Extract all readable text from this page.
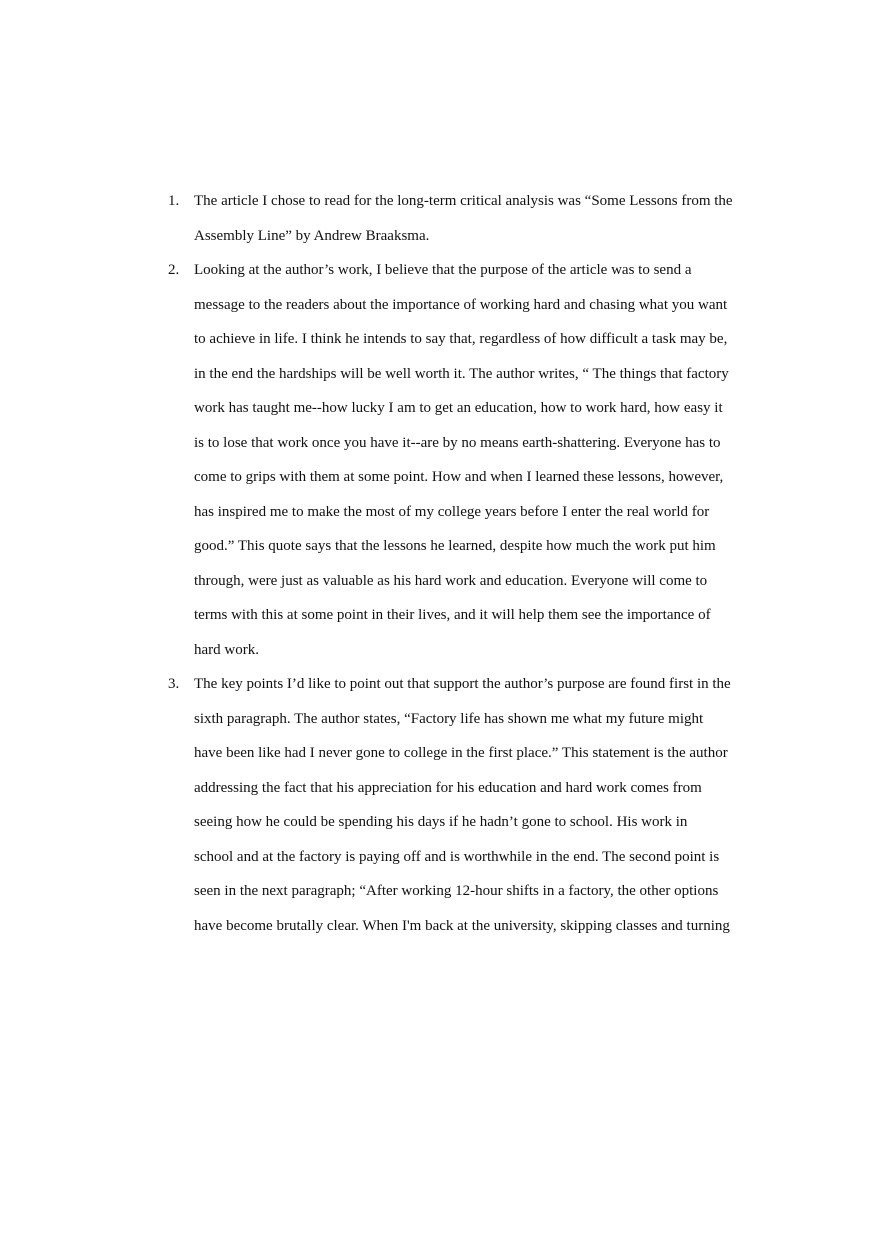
1. The article I chose to read for the long-term critical analysis was “Some Lessons from the
Assembly Line” by Andrew Braaksma.
2. Looking at the author’s work, I believe that the purpose of the article was to send a
message to the readers about the importance of working hard and chasing what you want
to achieve in life. I think he intends to say that, regardless of how difficult a task may be,
in the end the hardships will be well worth it. The author writes, “ The things that factory
work has taught me--how lucky I am to get an education, how to work hard, how easy it
is to lose that work once you have it--are by no means earth-shattering. Everyone has to
come to grips with them at some point. How and when I learned these lessons, however,
has inspired me to make the most of my college years before I enter the real world for
good.” This quote says that the lessons he learned, despite how much the work put him
through, were just as valuable as his hard work and education. Everyone will come to
terms with this at some point in their lives, and it will help them see the importance of
hard work.
3. The key points I’d like to point out that support the author’s purpose are found first in the
sixth paragraph. The author states, “Factory life has shown me what my future might
have been like had I never gone to college in the first place.” This statement is the author
addressing the fact that his appreciation for his education and hard work comes from
seeing how he could be spending his days if he hadn’t gone to school. His work in
school and at the factory is paying off and is worthwhile in the end. The second point is
seen in the next paragraph; “After working 12-hour shifts in a factory, the other options
have become brutally clear. When I'm back at the university, skipping classes and turning
